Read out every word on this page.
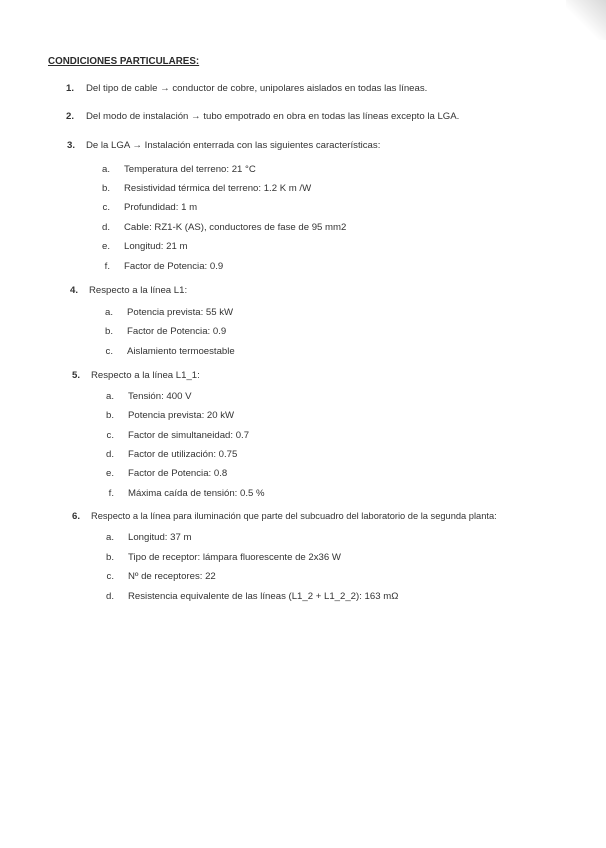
CONDICIONES PARTICULARES:
1. Del tipo de cable → conductor de cobre, unipolares aislados en todas las líneas.
2. Del modo de instalación → tubo empotrado en obra en todas las líneas excepto la LGA.
3. De la LGA → Instalación enterrada con las siguientes características:
a. Temperatura del terreno: 21 °C
b. Resistividad térmica del terreno: 1.2 K m /W
c. Profundidad: 1 m
d. Cable: RZ1-K (AS), conductores de fase de 95 mm2
e. Longitud: 21 m
f. Factor de Potencia: 0.9
4. Respecto a la línea L1:
a. Potencia prevista: 55 kW
b. Factor de Potencia: 0.9
c. Aislamiento termoestable
5. Respecto a la línea L1_1:
a. Tensión: 400 V
b. Potencia prevista: 20 kW
c. Factor de simultaneidad: 0.7
d. Factor de utilización: 0.75
e. Factor de Potencia: 0.8
f. Máxima caída de tensión: 0.5 %
6. Respecto a la línea para iluminación que parte del subcuadro del laboratorio de la segunda planta:
a. Longitud: 37 m
b. Tipo de receptor: lámpara fluorescente de 2x36 W
c. Nº de receptores: 22
d. Resistencia equivalente de las líneas (L1_2 + L1_2_2): 163 mΩ
